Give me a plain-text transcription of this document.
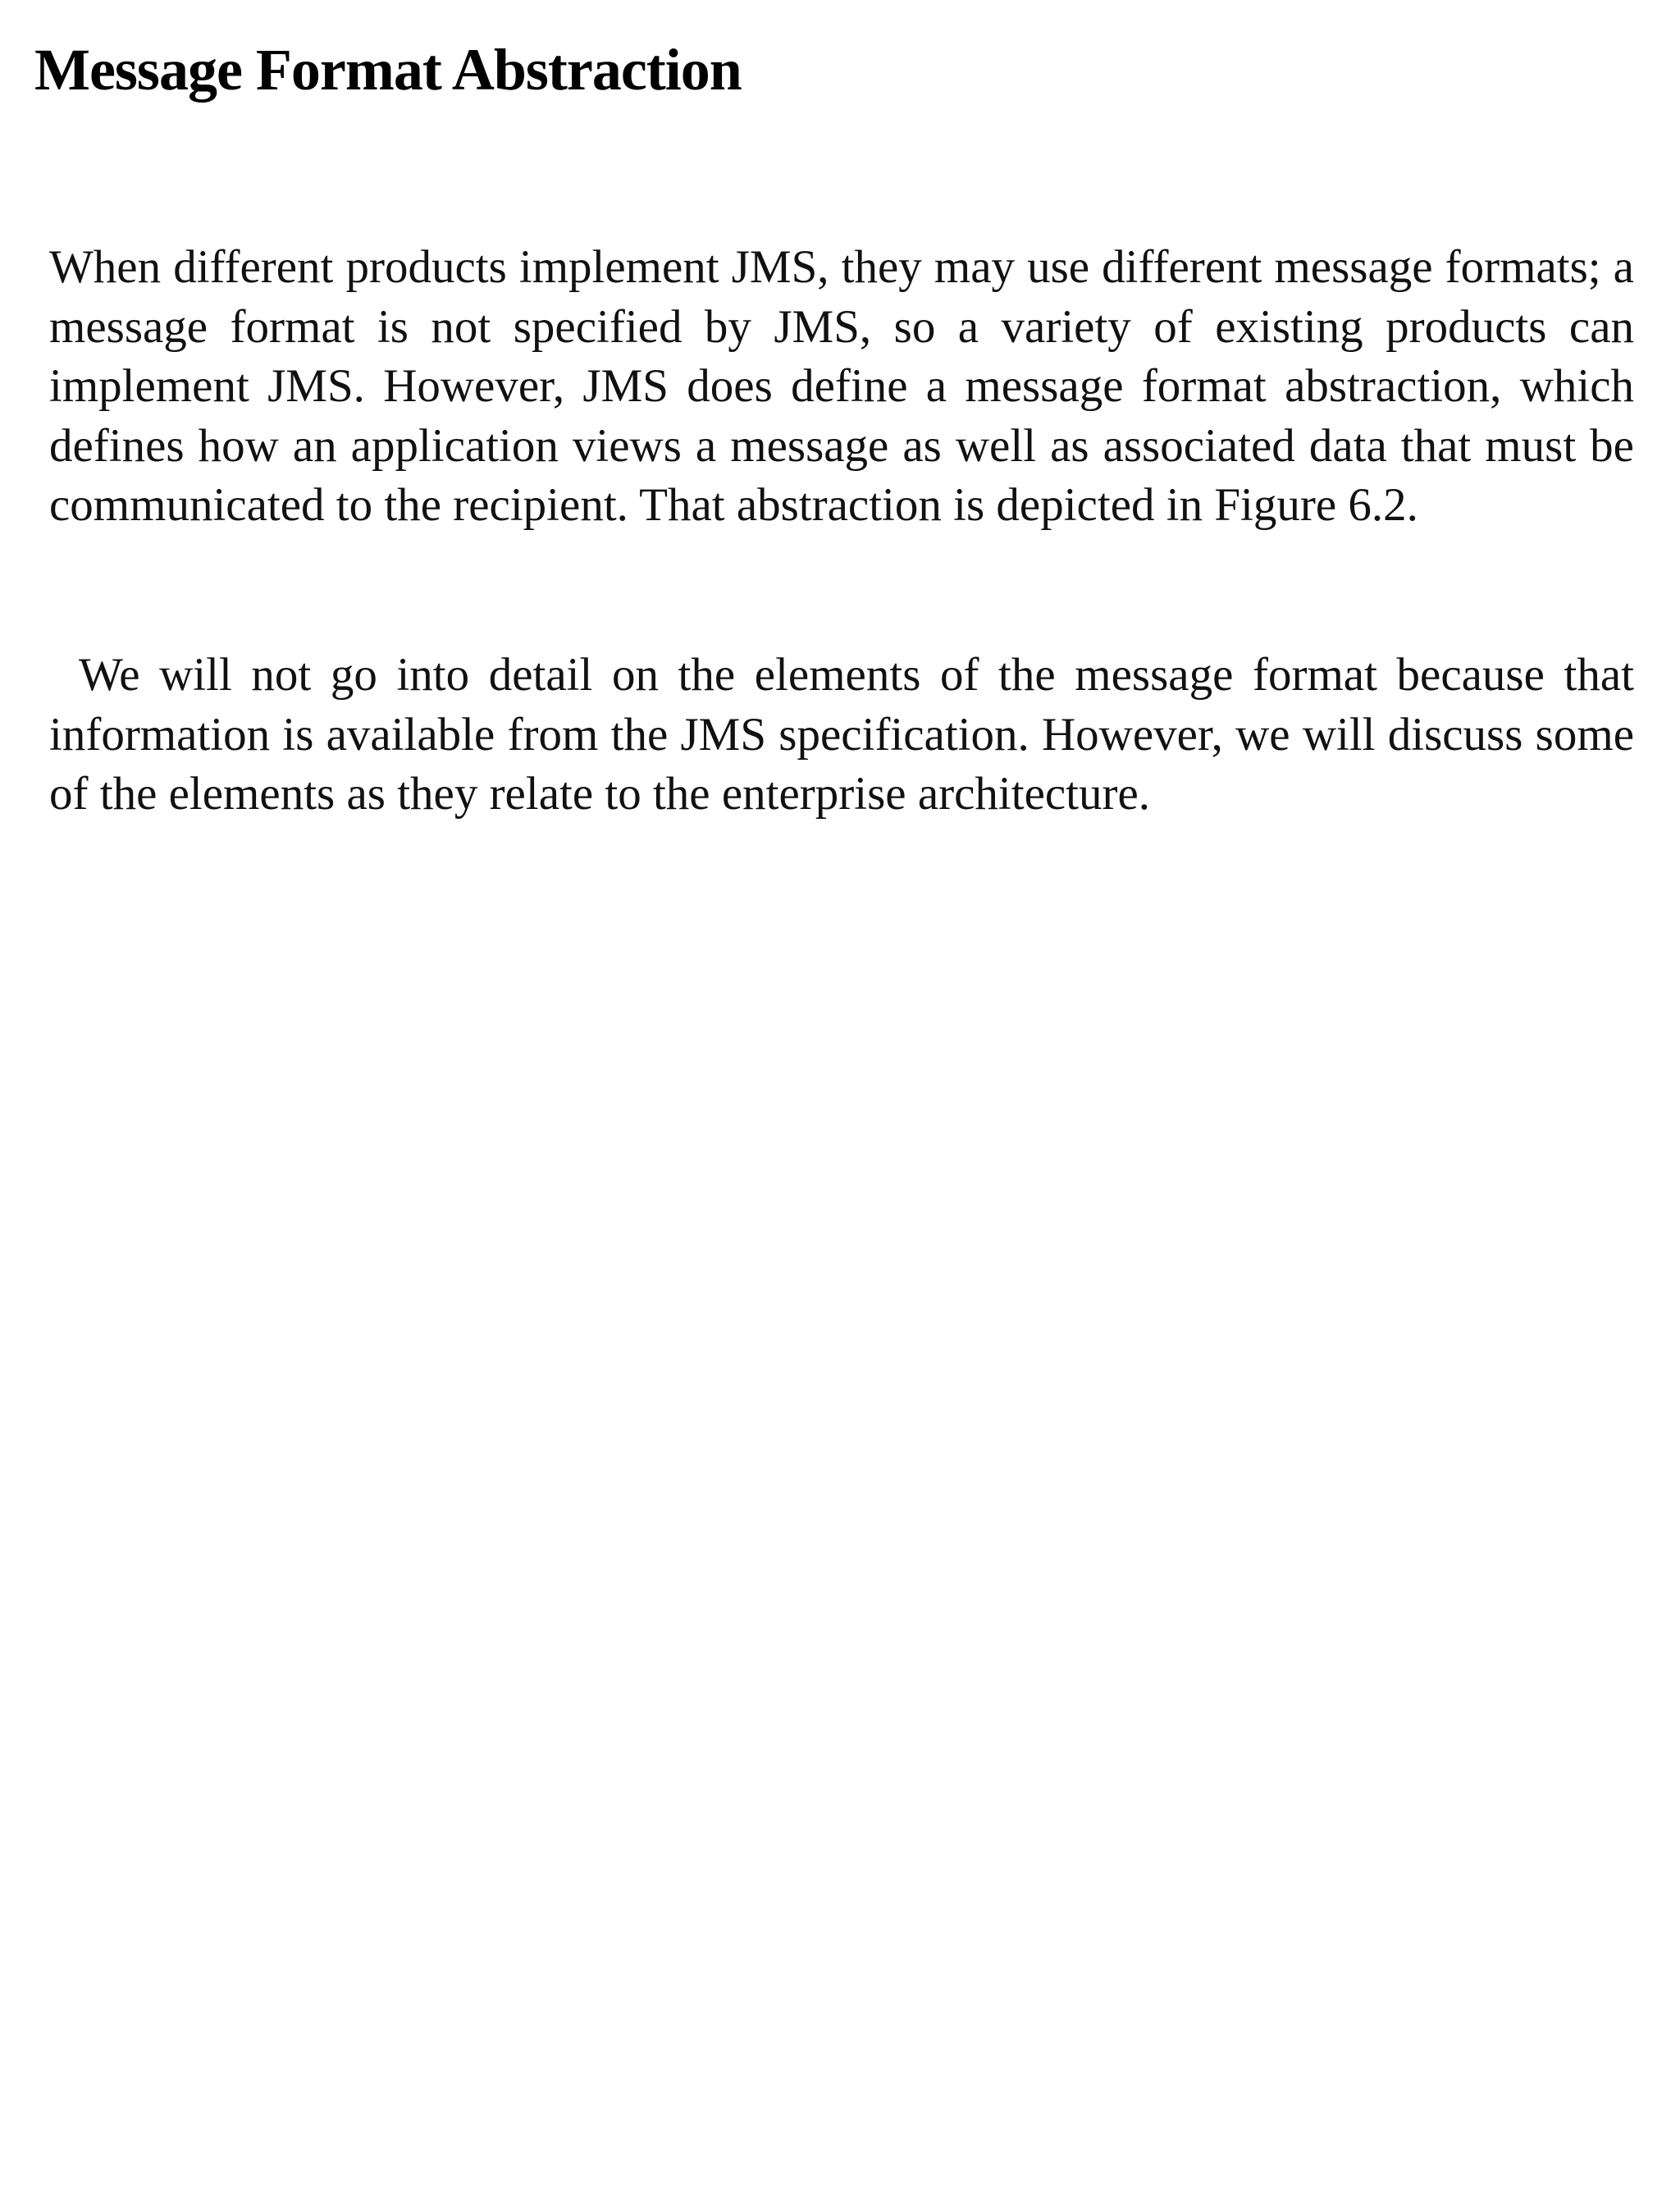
Message Format Abstraction

When different products implement JMS, they may use different message formats; a message format is not specified by JMS, so a variety of existing products can implement JMS. However, JMS does define a message format abstraction, which defines how an application views a message as well as associated data that must be communicated to the recipient. That abstraction is depicted in Figure 6.2.

We will not go into detail on the elements of the message format because that information is available from the JMS specification. However, we will discuss some of the elements as they relate to the enterprise architecture.
